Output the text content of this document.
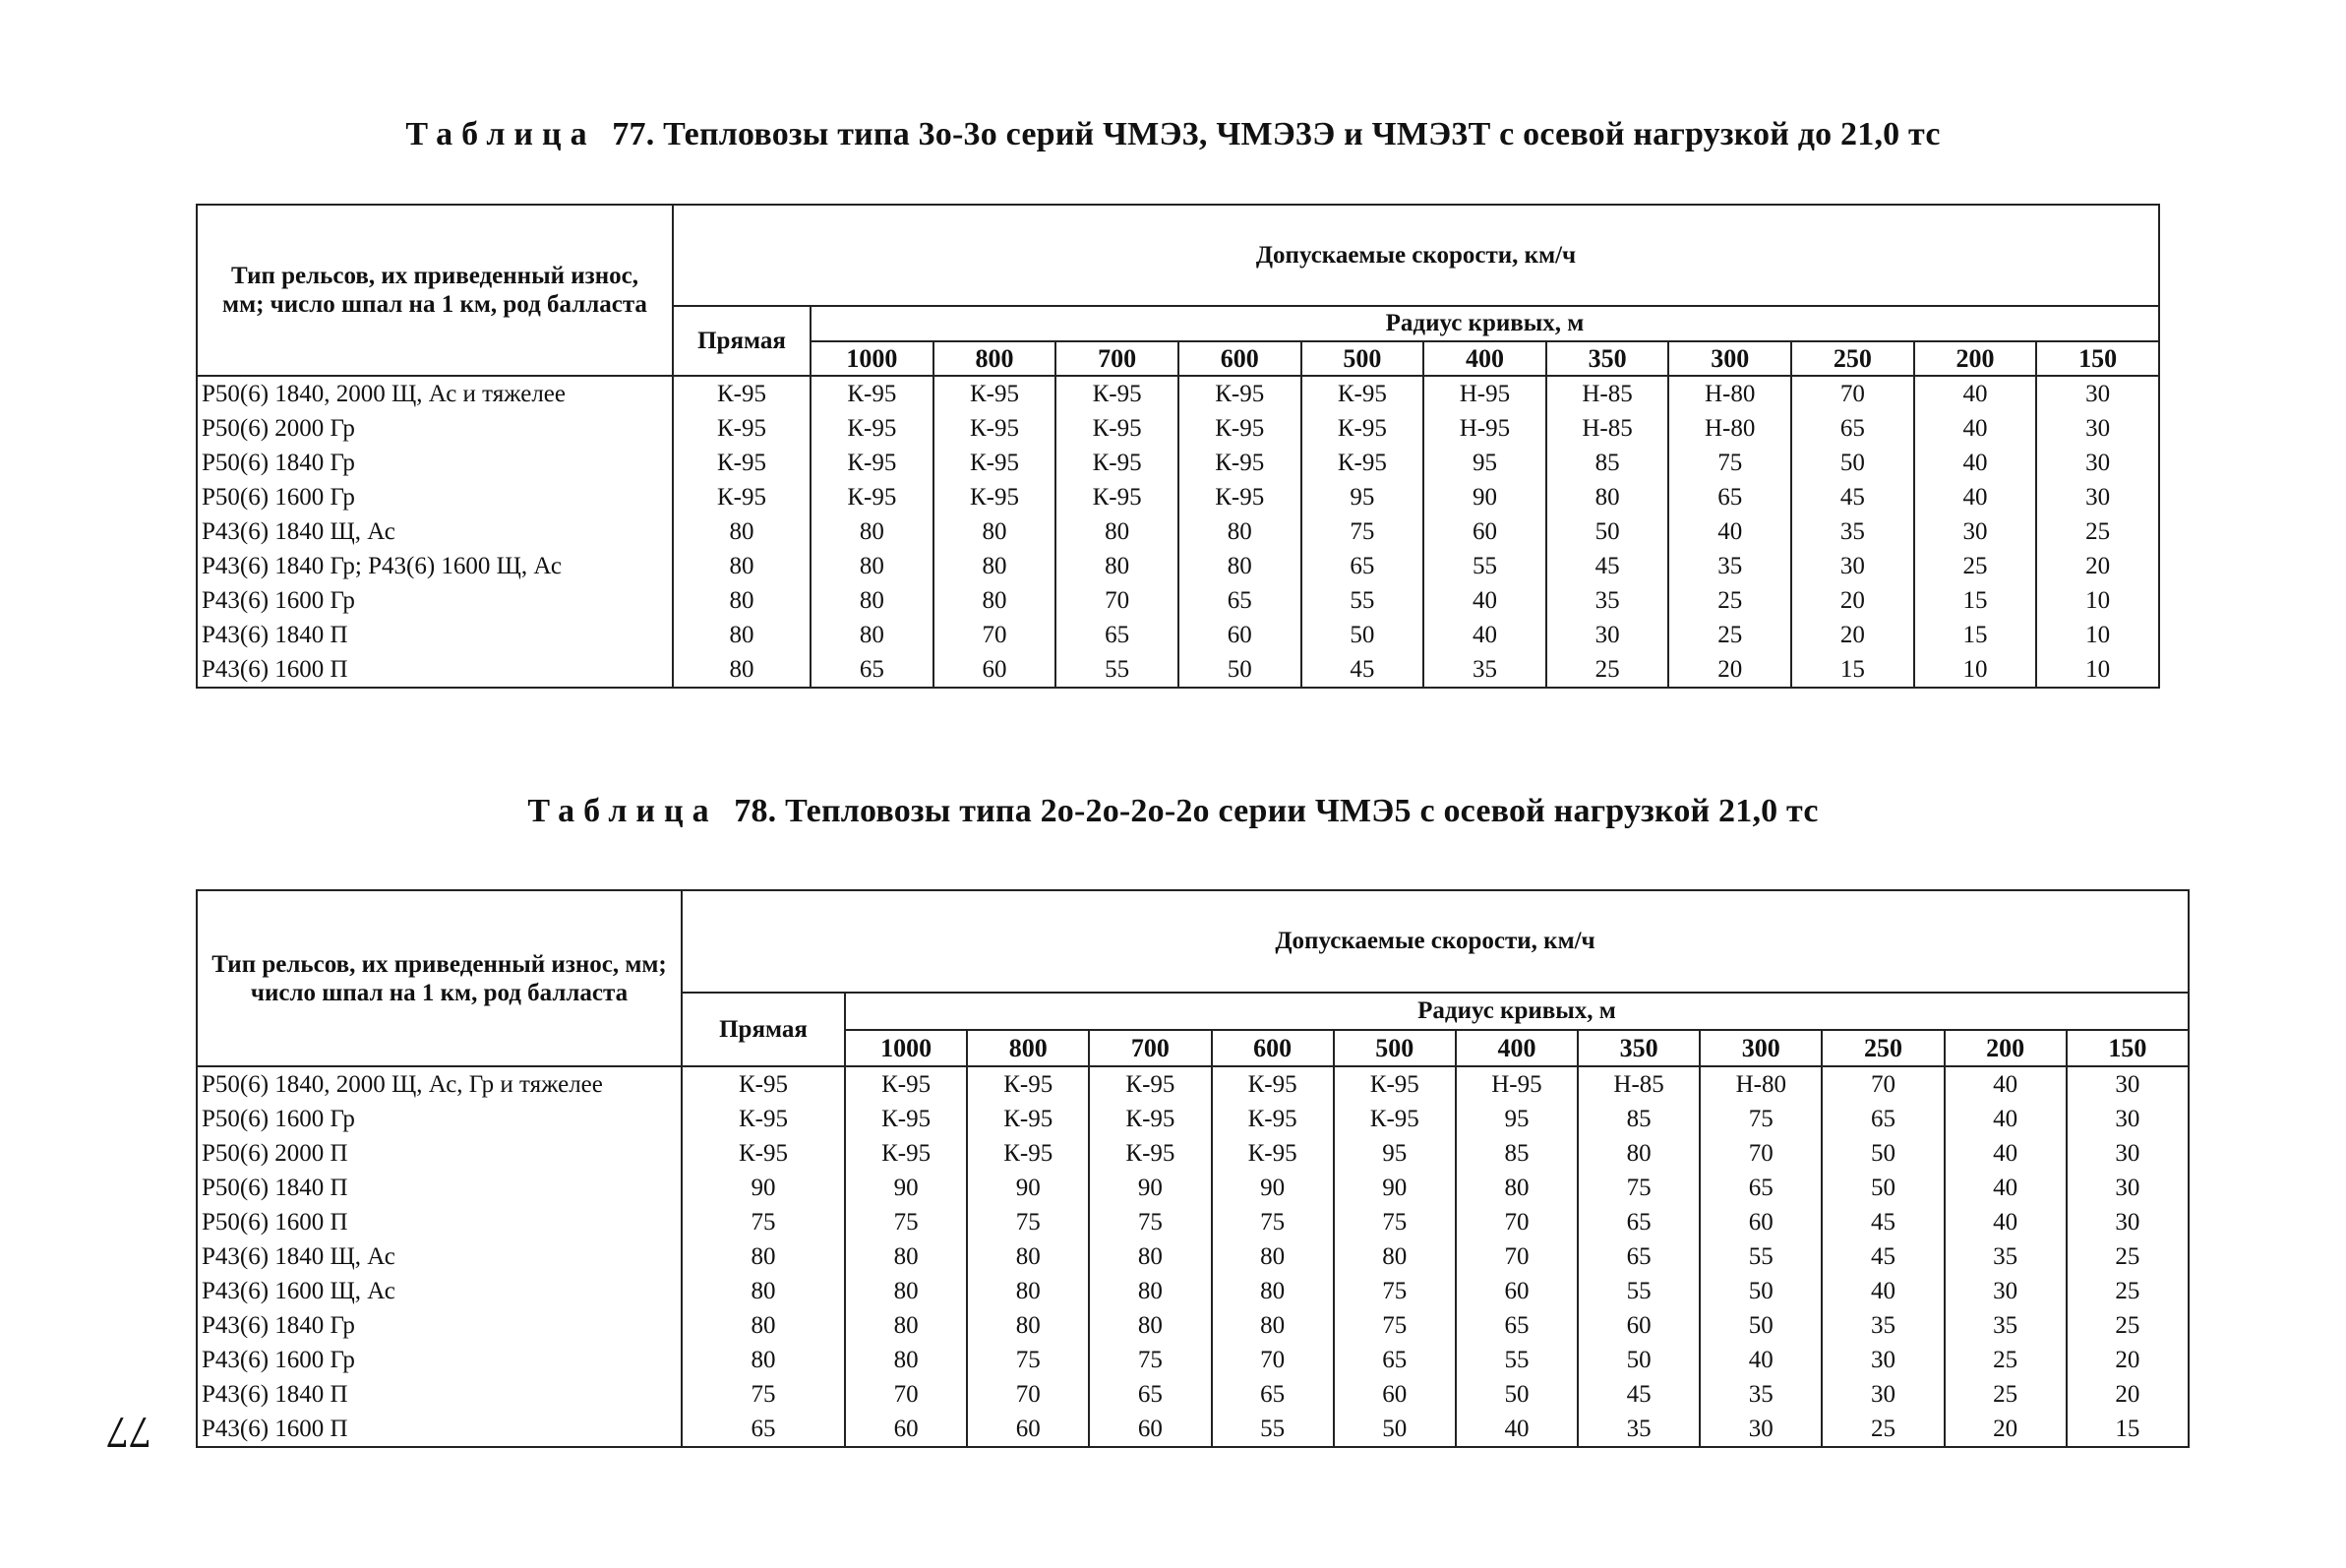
Таблица 77. Тепловозы типа 3о-3о серий ЧМЭ3, ЧМЭ3Э и ЧМЭ3Т с осевой нагрузкой до 21,0 тс
Тип рельсов, их приведенный износ, мм; число шпал на 1 км, род балласта	Допускаемые скорости, км/ч											
	Прямая	Радиус кривых, м										
		1000	800	700	600	500	400	350	300	250	200	150
Р50(6) 1840, 2000 Щ, Ас и тяжелее	К-95	К-95	К-95	К-95	К-95	К-95	Н-95	Н-85	Н-80	70	40	30
Р50(6) 2000 Гр	К-95	К-95	К-95	К-95	К-95	К-95	Н-95	Н-85	Н-80	65	40	30
Р50(6) 1840 Гр	К-95	К-95	К-95	К-95	К-95	К-95	95	85	75	50	40	30
Р50(6) 1600 Гр	К-95	К-95	К-95	К-95	К-95	95	90	80	65	45	40	30
Р43(6) 1840 Щ, Ас	80	80	80	80	80	75	60	50	40	35	30	25
Р43(6) 1840 Гр; Р43(6) 1600 Щ, Ас	80	80	80	80	80	65	55	45	35	30	25	20
Р43(6) 1600 Гр	80	80	80	70	65	55	40	35	25	20	15	10
Р43(6) 1840 П	80	80	70	65	60	50	40	30	25	20	15	10
Р43(6) 1600 П	80	65	60	55	50	45	35	25	20	15	10	10
Таблица 78. Тепловозы типа 2о-2о-2о-2о серии ЧМЭ5 с осевой нагрузкой 21,0 тс
Тип рельсов, их приведенный износ, мм; число шпал на 1 км, род балласта	Допускаемые скорости, км/ч											
	Прямая	Радиус кривых, м										
		1000	800	700	600	500	400	350	300	250	200	150
Р50(6) 1840, 2000 Щ, Ас, Гр и тяжелее	К-95	К-95	К-95	К-95	К-95	К-95	Н-95	Н-85	Н-80	70	40	30
Р50(6) 1600 Гр	К-95	К-95	К-95	К-95	К-95	К-95	95	85	75	65	40	30
Р50(6) 2000 П	К-95	К-95	К-95	К-95	К-95	95	85	80	70	50	40	30
Р50(6) 1840 П	90	90	90	90	90	90	80	75	65	50	40	30
Р50(6) 1600 П	75	75	75	75	75	75	70	65	60	45	40	30
Р43(6) 1840 Щ, Ас	80	80	80	80	80	80	70	65	55	45	35	25
Р43(6) 1600 Щ, Ас	80	80	80	80	80	75	60	55	50	40	30	25
Р43(6) 1840 Гр	80	80	80	80	80	75	65	60	50	35	35	25
Р43(6) 1600 Гр	80	80	75	75	70	65	55	50	40	30	25	20
Р43(6) 1840 П	75	70	70	65	65	60	50	45	35	30	25	20
Р43(6) 1600 П	65	60	60	60	55	50	40	35	30	25	20	15
77
